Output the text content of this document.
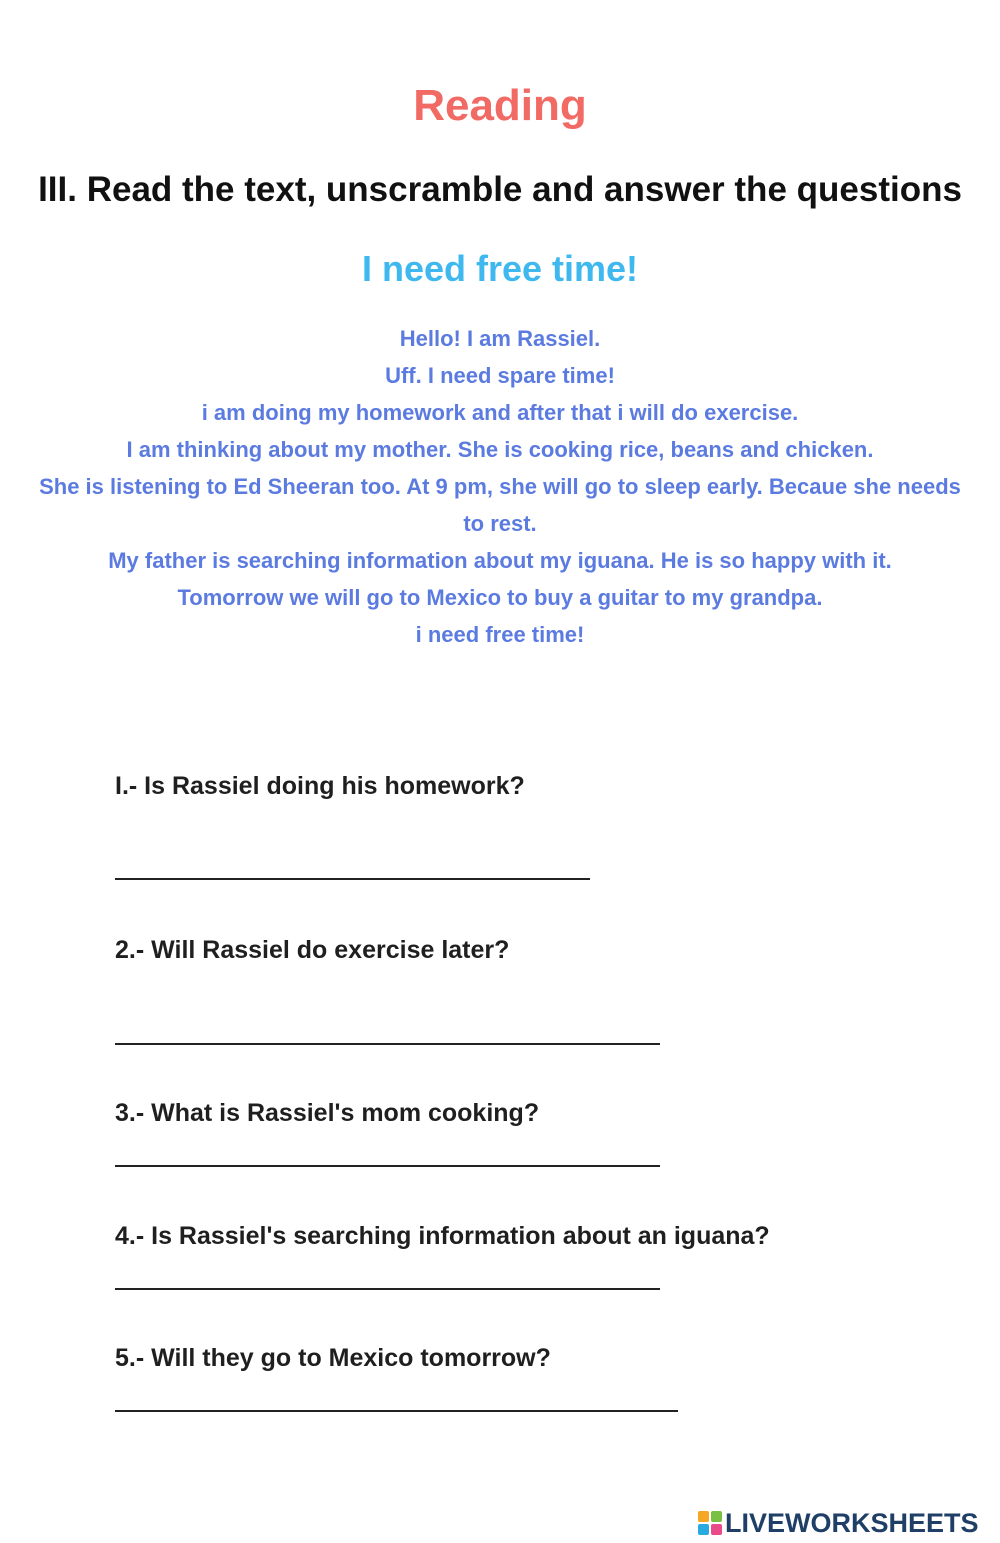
Reading
III. Read the text, unscramble and answer the questions
I need free time!

Hello! I am Rassiel.

Uff. I need spare time!

i am doing my homework and after that i will do exercise.

I am thinking about my mother. She is cooking rice, beans and chicken.

She is listening to Ed Sheeran too. At 9 pm, she will go to sleep early. Becaue she needs to rest.

My father is searching information about my iguana. He is so happy with it.

Tomorrow we will go to Mexico to buy a guitar to my grandpa.

i need free time!

I.- Is Rassiel doing his homework?
2.- Will Rassiel do exercise later?
3.- What is Rassiel's mom cooking?
4.- Is Rassiel's searching information about an iguana?
5.- Will they go to Mexico tomorrow?
LIVEWORKSHEETS
